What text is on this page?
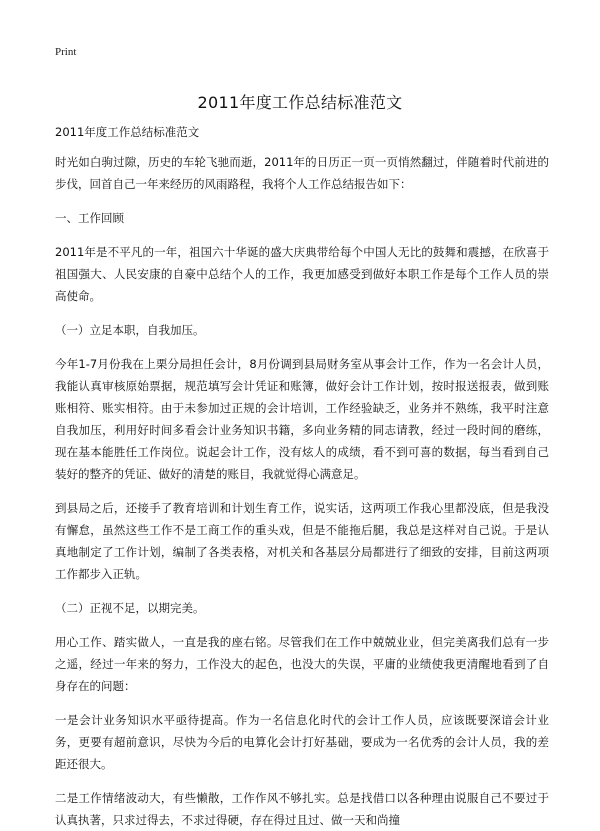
Print
2011年度工作总结标准范文

2011年度工作总结标准范文

时光如白驹过隙，历史的车轮飞驰而逝，2011年的日历正一页一页悄然翻过，伴随着时代前进的步伐，回首自己一年来经历的风雨路程，我将个人工作总结报告如下：

一、工作回顾

2011年是不平凡的一年，祖国六十华诞的盛大庆典带给每个中国人无比的鼓舞和震撼，在欣喜于祖国强大、人民安康的自豪中总结个人的工作，我更加感受到做好本职工作是每个工作人员的崇高使命。

（一）立足本职，自我加压。

今年1-7月份我在上栗分局担任会计，8月份调到县局财务室从事会计工作，作为一名会计人员，我能认真审核原始票据，规范填写会计凭证和账簿，做好会计工作计划，按时报送报表，做到账账相符、账实相符。由于未参加过正规的会计培训，工作经验缺乏，业务并不熟练，我平时注意自我加压，利用好时间多看会计业务知识书籍，多向业务精的同志请教，经过一段时间的磨练，现在基本能胜任工作岗位。说起会计工作，没有炫人的成绩，看不到可喜的数据，每当看到自己装好的整齐的凭证、做好的清楚的账目，我就觉得心满意足。

到县局之后，还接手了教育培训和计划生育工作，说实话，这两项工作我心里都没底，但是我没有懈怠，虽然这些工作不是工商工作的重头戏，但是不能拖后腿，我总是这样对自己说。于是认真地制定了工作计划，编制了各类表格，对机关和各基层分局都进行了细致的安排，目前这两项工作都步入正轨。

（二）正视不足，以期完美。

用心工作、踏实做人，一直是我的座右铭。尽管我们在工作中兢兢业业，但完美离我们总有一步之遥，经过一年来的努力，工作没大的起色，也没大的失误，平庸的业绩使我更清醒地看到了自身存在的问题：

一是会计业务知识水平亟待提高。作为一名信息化时代的会计工作人员，应该既要深谙会计业务，更要有超前意识，尽快为今后的电算化会计打好基础，要成为一名优秀的会计人员，我的差距还很大。

二是工作情绪波动大，有些懒散，工作作风不够扎实。总是找借口以各种理由说服自己不要过于认真执著，只求过得去，不求过得硬，存在得过且过、做一天和尚撞
